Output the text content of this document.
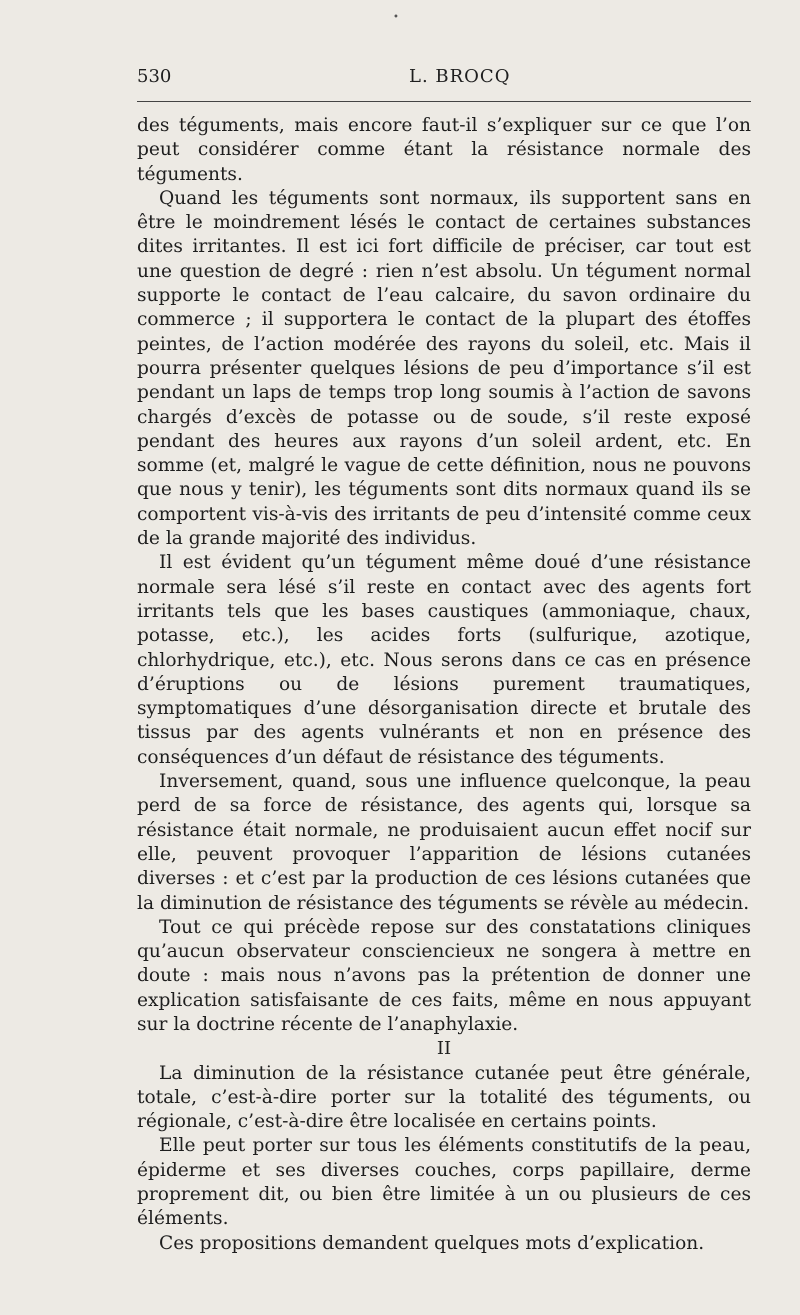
•
530	L. BROCQ

des téguments, mais encore faut-il s’expliquer sur ce que l’on peut considérer comme étant la résistance normale des téguments.

Quand les téguments sont normaux, ils supportent sans en être le moindrement lésés le contact de certaines substances dites irritantes. Il est ici fort difficile de préciser, car tout est une question de degré : rien n’est absolu. Un tégument normal supporte le contact de l’eau calcaire, du savon ordinaire du commerce ; il supportera le contact de la plupart des étoffes peintes, de l’action modérée des rayons du soleil, etc. Mais il pourra présenter quelques lésions de peu d’importance s’il est pendant un laps de temps trop long soumis à l’action de savons chargés d’excès de potasse ou de soude, s’il reste exposé pendant des heures aux rayons d’un soleil ardent, etc. En somme (et, malgré le vague de cette définition, nous ne pouvons que nous y tenir), les téguments sont dits normaux quand ils se comportent vis-à-vis des irritants de peu d’intensité comme ceux de la grande majorité des individus.

Il est évident qu’un tégument même doué d’une résistance normale sera lésé s’il reste en contact avec des agents fort irritants tels que les bases caustiques (ammoniaque, chaux, potasse, etc.), les acides forts (sulfurique, azotique, chlorhydrique, etc.), etc. Nous serons dans ce cas en présence d’éruptions ou de lésions purement traumatiques, symptomatiques d’une désorganisation directe et brutale des tissus par des agents vulnérants et non en présence des conséquences d’un défaut de résistance des téguments.

Inversement, quand, sous une influence quelconque, la peau perd de sa force de résistance, des agents qui, lorsque sa résistance était normale, ne produisaient aucun effet nocif sur elle, peuvent provoquer l’apparition de lésions cutanées diverses : et c’est par la production de ces lésions cutanées que la diminution de résistance des téguments se révèle au médecin.

Tout ce qui précède repose sur des constatations cliniques qu’aucun observateur consciencieux ne songera à mettre en doute : mais nous n’avons pas la prétention de donner une explication satisfaisante de ces faits, même en nous appuyant sur la doctrine récente de l’anaphylaxie.

II

La diminution de la résistance cutanée peut être générale, totale, c’est-à-dire porter sur la totalité des téguments, ou régionale, c’est-à-dire être localisée en certains points.

Elle peut porter sur tous les éléments constitutifs de la peau, épiderme et ses diverses couches, corps papillaire, derme proprement dit, ou bien être limitée à un ou plusieurs de ces éléments.

Ces propositions demandent quelques mots d’explication.
